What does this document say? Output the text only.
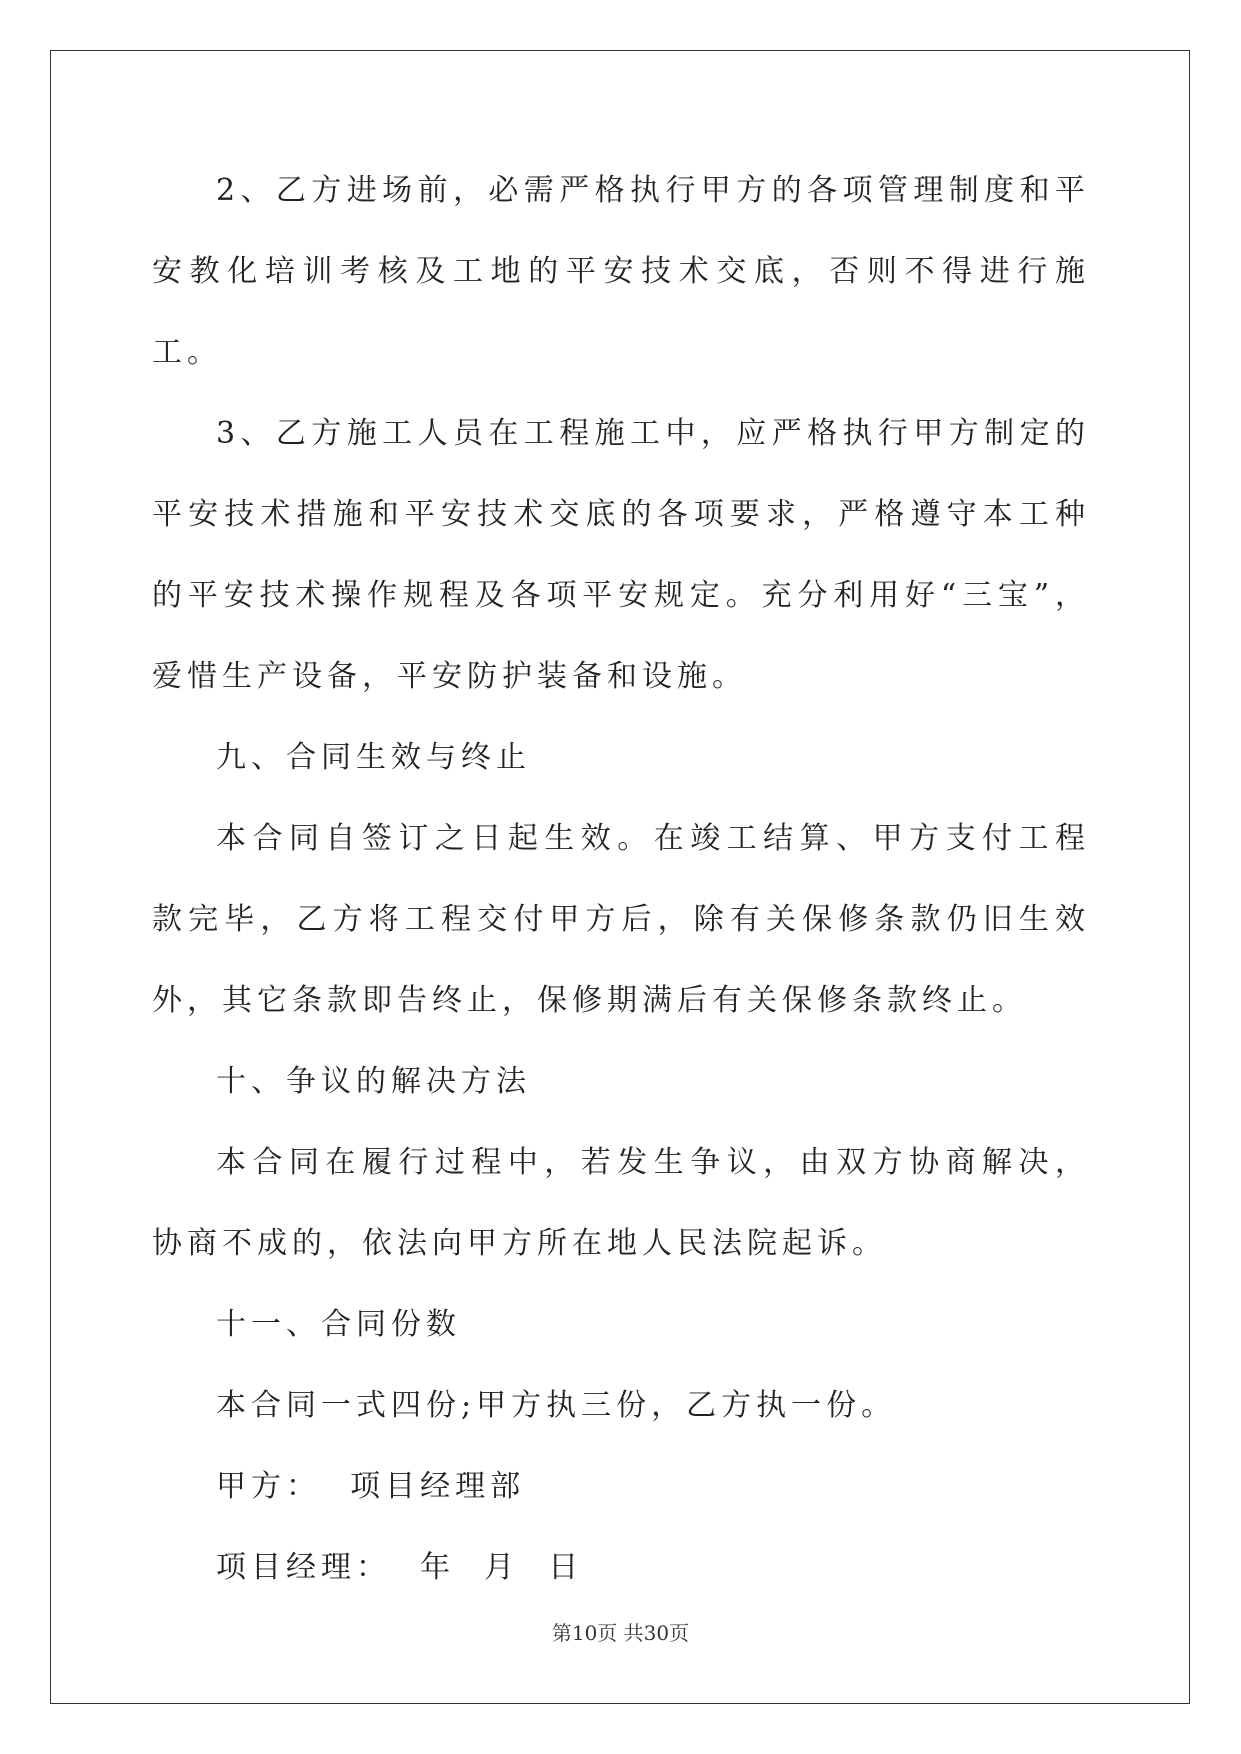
2、乙方进场前，必需严格执行甲方的各项管理制度和平安教化培训考核及工地的平安技术交底，否则不得进行施工。

3、乙方施工人员在工程施工中，应严格执行甲方制定的平安技术措施和平安技术交底的各项要求，严格遵守本工种的平安技术操作规程及各项平安规定。充分利用好“三宝”，爱惜生产设备，平安防护装备和设施。

九、合同生效与终止

本合同自签订之日起生效。在竣工结算、甲方支付工程款完毕，乙方将工程交付甲方后，除有关保修条款仍旧生效外，其它条款即告终止，保修期满后有关保修条款终止。

十、争议的解决方法

本合同在履行过程中，若发生争议，由双方协商解决，协商不成的，依法向甲方所在地人民法院起诉。

十一、合同份数

本合同一式四份;甲方执三份，乙方执一份。

甲方：  项目经理部

项目经理：  年  月  日

第10页 共30页
